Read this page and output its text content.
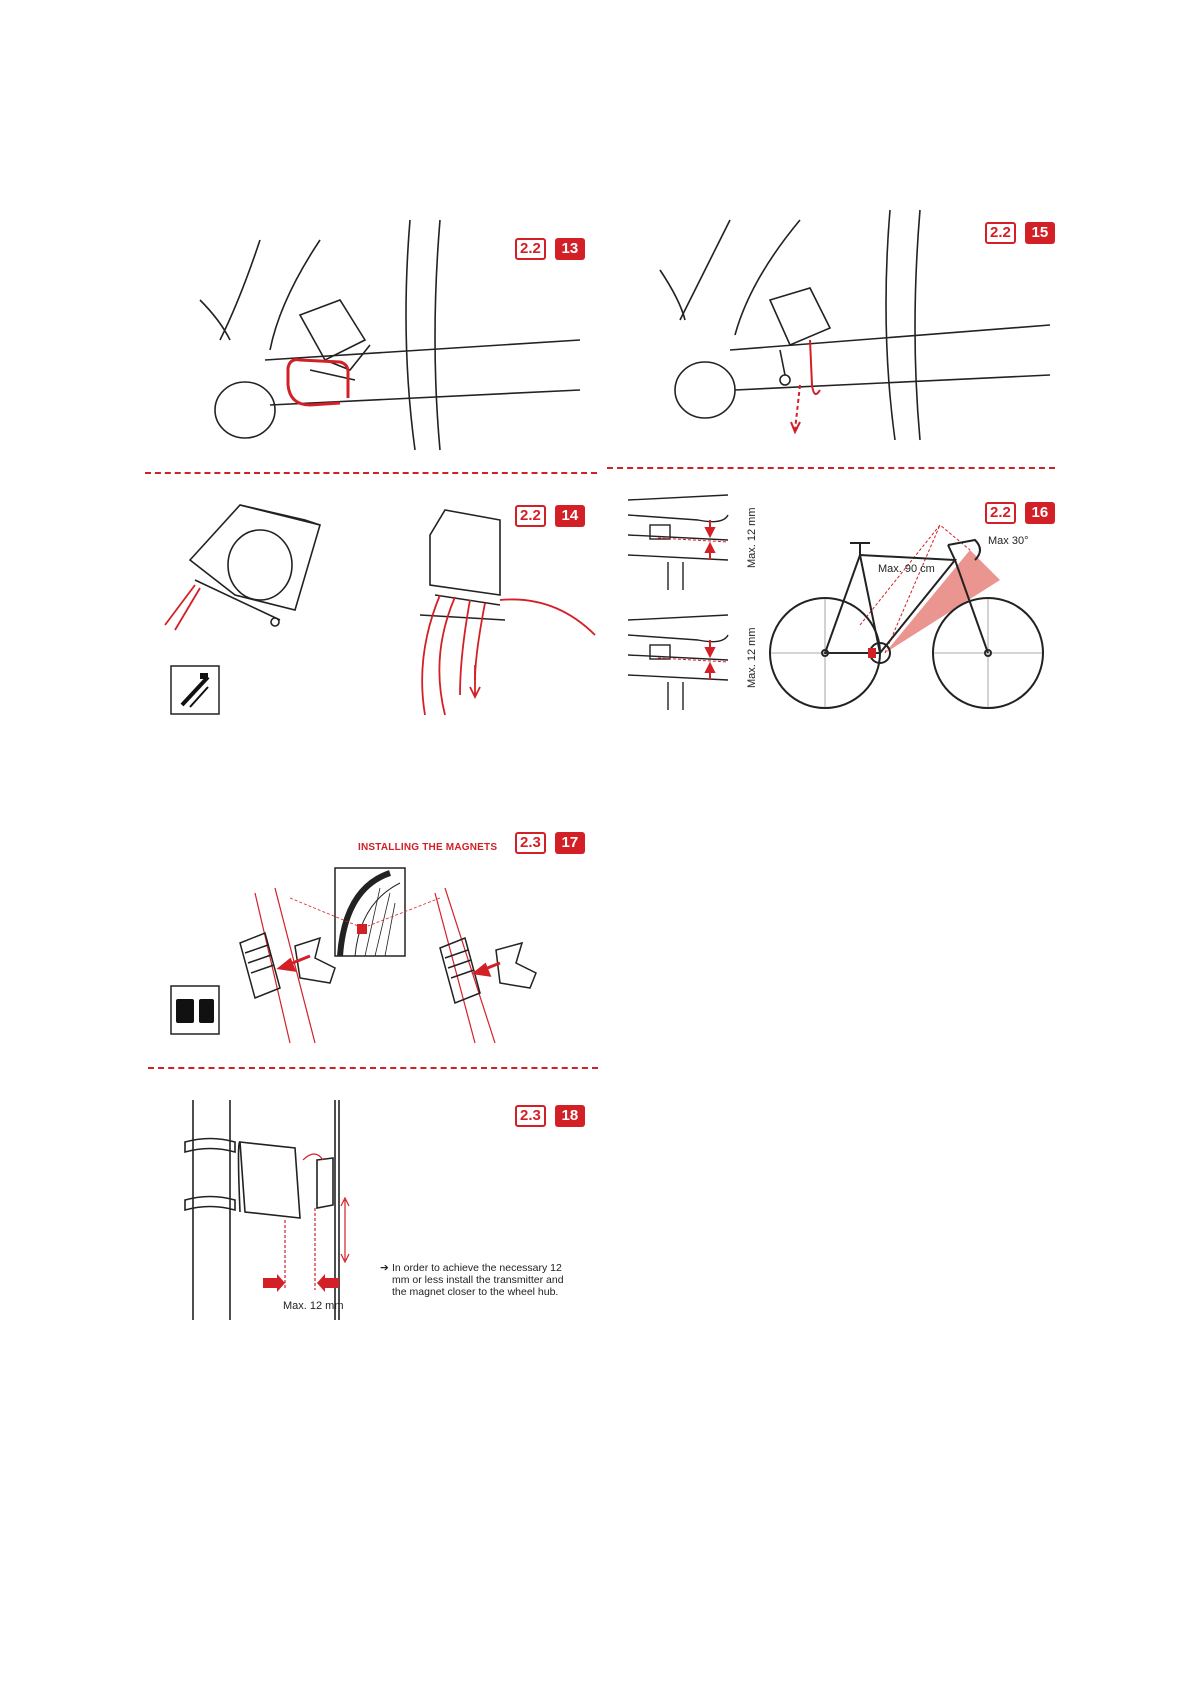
2.2	13
2.2	15
2.2	14	2.2	16
Max. 12 mm
Max. 12 mm
Max. 90 cm
Max 30°
INSTALLING THE MAGNETS	2.3	17
2.3	18
Max. 12 mm
➔ In order to achieve the necessary 12 mm or less install the transmitter and the magnet closer to the wheel hub.
